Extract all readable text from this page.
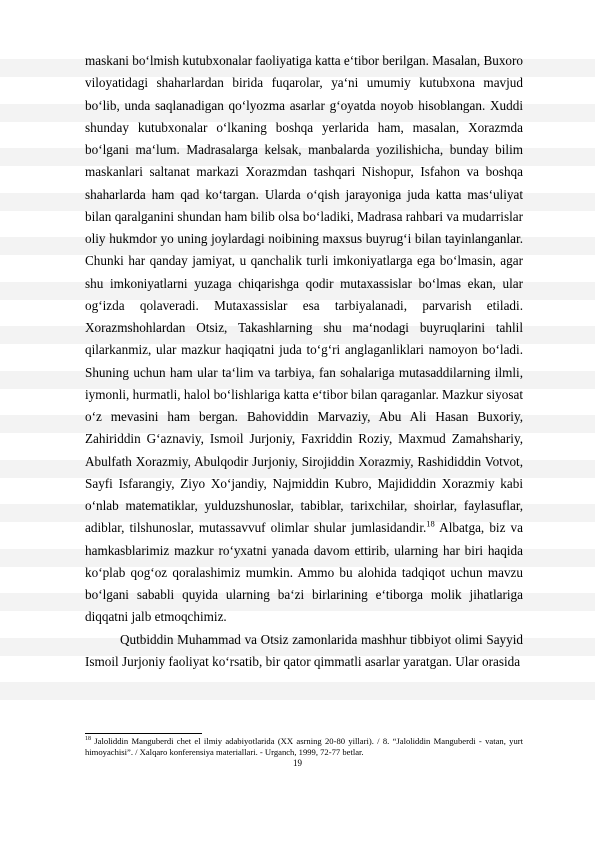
maskani bo‘lmish kutubxonalar faoliyatiga katta e‘tibor berilgan. Masalan, Buxoro viloyatidagi shaharlardan birida fuqarolar, ya‘ni umumiy kutubxona mavjud bo‘lib, unda saqlanadigan qo‘lyozma asarlar g‘oyatda noyob hisoblangan. Xuddi shunday kutubxonalar o‘lkaning boshqa yerlarida ham, masalan, Xorazmda bo‘lgani ma‘lum. Madrasalarga kelsak, manbalarda yozilishicha, bunday bilim maskanlari saltanat markazi Xorazmdan tashqari Nishopur, Isfahon va boshqa shaharlarda ham qad ko‘targan. Ularda o‘qish jarayoniga juda katta mas‘uliyat bilan qaralganini shundan ham bilib olsa bo‘ladiki, Madrasa rahbari va mudarrislar oliy hukmdor yo uning joylardagi noibining maxsus buyrug‘i bilan tayinlanganlar. Chunki har qanday jamiyat, u qanchalik turli imkoniyatlarga ega bo‘lmasin, agar shu imkoniyatlarni yuzaga chiqarishga qodir mutaxassislar bo‘lmas ekan, ular og‘izda qolaveradi. Mutaxassislar esa tarbiyalanadi, parvarish etiladi. Xorazmshohlardan Otsiz, Takashlarning shu ma‘nodagi buyruqlarini tahlil qilarkanmiz, ular mazkur haqiqatni juda to‘g‘ri anglaganliklari namoyon bo‘ladi. Shuning uchun ham ular ta‘lim va tarbiya, fan sohalariga mutasaddilarning ilmli, iymonli, hurmatli, halol bo‘lishlariga katta e‘tibor bilan qaraganlar. Mazkur siyosat o‘z mevasini ham bergan. Bahoviddin Marvaziy, Abu Ali Hasan Buxoriy, Zahiriddin G‘aznaviy, Ismoil Jurjoniy, Faxriddin Roziy, Maxmud Zamahshariy, Abulfath Xorazmiy, Abulqodir Jurjoniy, Sirojiddin Xorazmiy, Rashididdin Votvot, Sayfi Isfarangiy, Ziyo Xo‘jandiy, Najmiddin Kubro, Majididdin Xorazmiy kabi o‘nlab matematiklar, yulduzshunoslar, tabiblar, tarixchilar, shoirlar, faylasuflar, adiblar, tilshunoslar, mutassavvuf olimlar shular jumlasidandir.$^{18}$ Albatga, biz va hamkasblarimiz mazkur ro‘yxatni yanada davom ettirib, ularning har biri haqida ko‘plab qog‘oz qoralashimiz mumkin. Ammo bu alohida tadqiqot uchun mavzu bo‘lgani sababli quyida ularning ba‘zi birlarining e‘tiborga molik jihatlariga diqqatni jalb etmoqchimiz.

Qutbiddin Muhammad va Otsiz zamonlarida mashhur tibbiyot olimi Sayyid Ismoil Jurjoniy faoliyat ko‘rsatib, bir qator qimmatli asarlar yaratgan. Ular orasida

$^{18}$ Jaloliddin Manguberdi chet el ilmiy adabiyotlarida (XX asrning 20-80 yillari). / 8. “Jaloliddin Manguberdi - vatan, yurt himoyachisi”. / Xalqaro konferensiya materiallari. - Urganch, 1999, 72-77 betlar.
19
